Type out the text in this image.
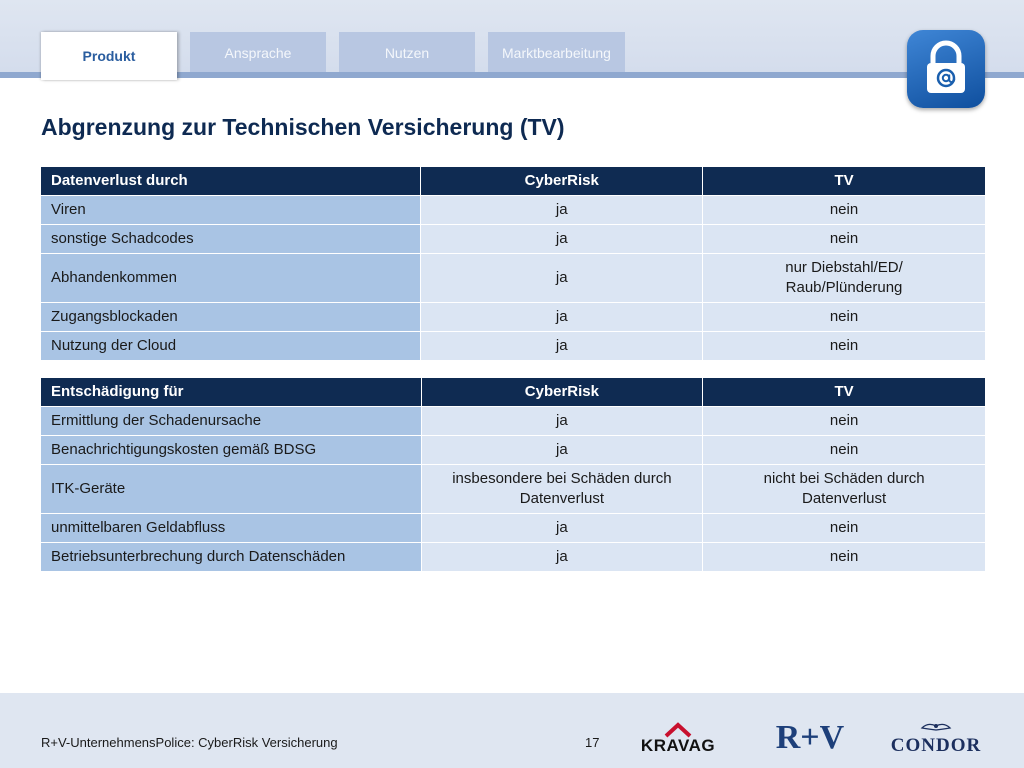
Produkt	Ansprache	Nutzen	Marktbearbeitung
Abgrenzung zur Technischen Versicherung (TV)
Datenverlust durch	CyberRisk	TV
Viren	ja	nein
sonstige Schadcodes	ja	nein
Abhandenkommen	ja	nur Diebstahl/ED/ Raub/Plünderung
Zugangsblockaden	ja	nein
Nutzung der Cloud	ja	nein
Entschädigung für	CyberRisk	TV
Ermittlung der Schadenursache	ja	nein
Benachrichtigungskosten gemäß BDSG	ja	nein
ITK-Geräte	insbesondere bei Schäden durch Datenverlust	nicht bei Schäden durch Datenverlust
unmittelbaren Geldabfluss	ja	nein
Betriebsunterbrechung durch Datenschäden	ja	nein
R+V-UnternehmensPolice: CyberRisk Versicherung	17 KRAVAG R+V CONDOR
